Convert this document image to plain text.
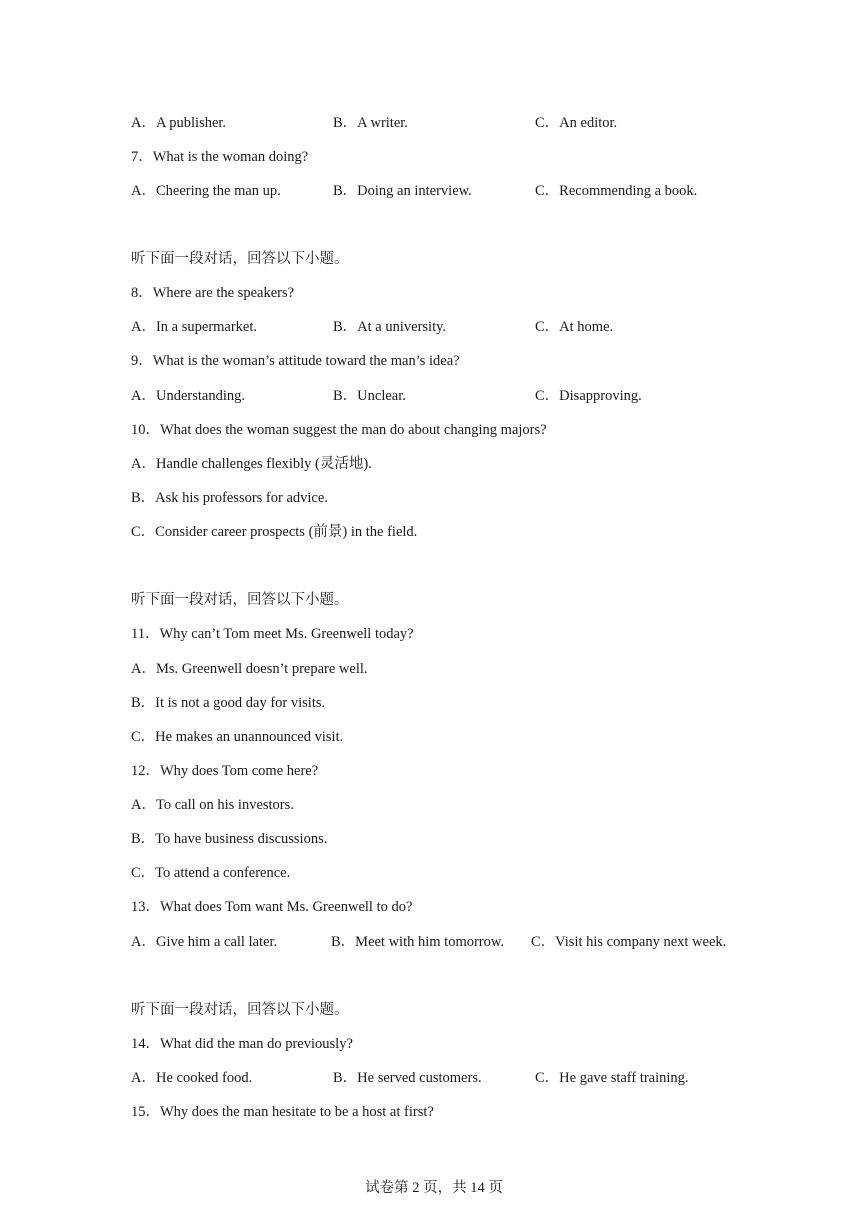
A．A publisher.	B．A writer.	C．An editor.
7．What is the woman doing?
A．Cheering the man up.	B．Doing an interview.	C．Recommending a book.
听下面一段对话，回答以下小题。
8．Where are the speakers?
A．In a supermarket.	B．At a university.	C．At home.
9．What is the woman’s attitude toward the man’s idea?
A．Understanding.	B．Unclear.	C．Disapproving.
10．What does the woman suggest the man do about changing majors?
A．Handle challenges flexibly (灵活地).
B．Ask his professors for advice.
C．Consider career prospects (前景) in the field.
听下面一段对话，回答以下小题。
11．Why can’t Tom meet Ms. Greenwell today?
A．Ms. Greenwell doesn’t prepare well.
B．It is not a good day for visits.
C．He makes an unannounced visit.
12．Why does Tom come here?
A．To call on his investors.
B．To have business discussions.
C．To attend a conference.
13．What does Tom want Ms. Greenwell to do?
A．Give him a call later.	B．Meet with him tomorrow. C．Visit his company next week.
听下面一段对话，回答以下小题。
14．What did the man do previously?
A．He cooked food.	B．He served customers.	C．He gave staff training.
15．Why does the man hesitate to be a host at first?
试卷第 2 页，共 14 页
